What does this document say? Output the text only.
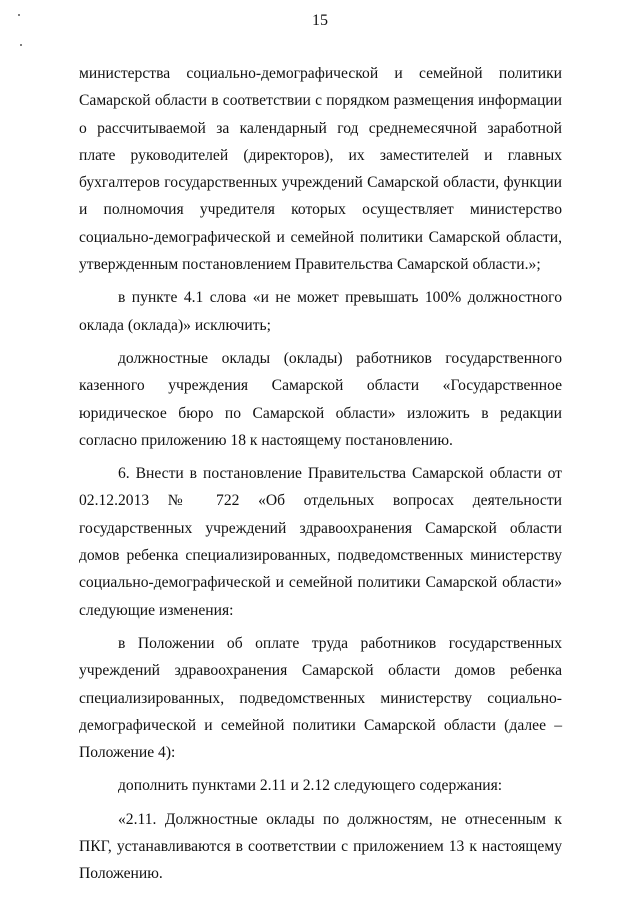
15

министерства социально-демографической и семейной политики Самарской области в соответствии с порядком размещения информации о рассчитываемой за календарный год среднемесячной заработной плате руководителей (директоров), их заместителей и главных бухгалтеров государственных учреждений Самарской области, функции и полномочия учредителя которых осуществляет министерство социально-демографической и семейной политики Самарской области, утвержденным постановлением Правительства Самарской области.»;

в пункте 4.1 слова «и не может превышать 100% должностного оклада (оклада)» исключить;

должностные оклады (оклады) работников государственного казенного учреждения Самарской области «Государственное юридическое бюро по Самарской области» изложить в редакции согласно приложению 18 к настоящему постановлению.

6. Внести в постановление Правительства Самарской области от 02.12.2013 № 722 «Об отдельных вопросах деятельности государственных учреждений здравоохранения Самарской области домов ребенка специализированных, подведомственных министерству социально-демографической и семейной политики Самарской области» следующие изменения:

в Положении об оплате труда работников государственных учреждений здравоохранения Самарской области домов ребенка специализированных, подведомственных министерству социально-демографической и семейной политики Самарской области (далее – Положение 4):

дополнить пунктами 2.11 и 2.12 следующего содержания:

«2.11. Должностные оклады по должностям, не отнесенным к ПКГ, устанавливаются в соответствии с приложением 13 к настоящему Положению.
